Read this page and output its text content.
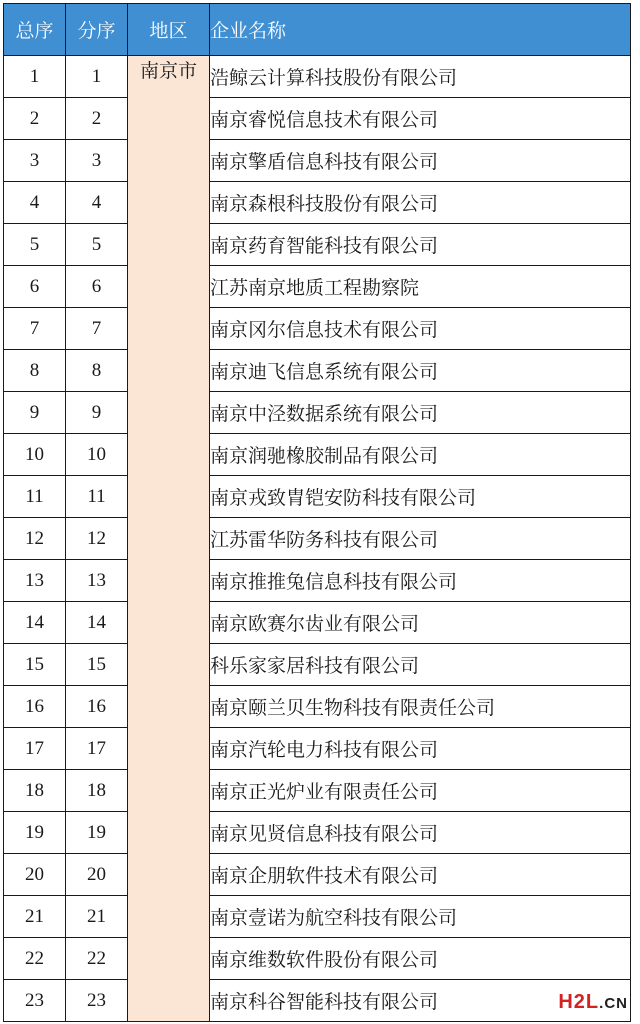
总序	分序	地区	企业名称
1	1	南京市	浩鲸云计算科技股份有限公司
2	2		南京睿悦信息技术有限公司
3	3		南京擎盾信息科技有限公司
4	4		南京森根科技股份有限公司
5	5		南京药育智能科技有限公司
6	6		江苏南京地质工程勘察院
7	7		南京冈尔信息技术有限公司
8	8		南京迪飞信息系统有限公司
9	9		南京中泾数据系统有限公司
10	10		南京润驰橡胶制品有限公司
11	11		南京戎致胄铠安防科技有限公司
12	12		江苏雷华防务科技有限公司
13	13		南京推推兔信息科技有限公司
14	14		南京欧赛尔齿业有限公司
15	15		科乐家家居科技有限公司
16	16		南京颐兰贝生物科技有限责任公司
17	17		南京汽轮电力科技有限公司
18	18		南京正光炉业有限责任公司
19	19		南京见贤信息科技有限公司
20	20		南京企朋软件技术有限公司
21	21		南京壹诺为航空科技有限公司
22	22		南京维数软件股份有限公司
23	23		南京科谷智能科技有限公司	H2L.CN
